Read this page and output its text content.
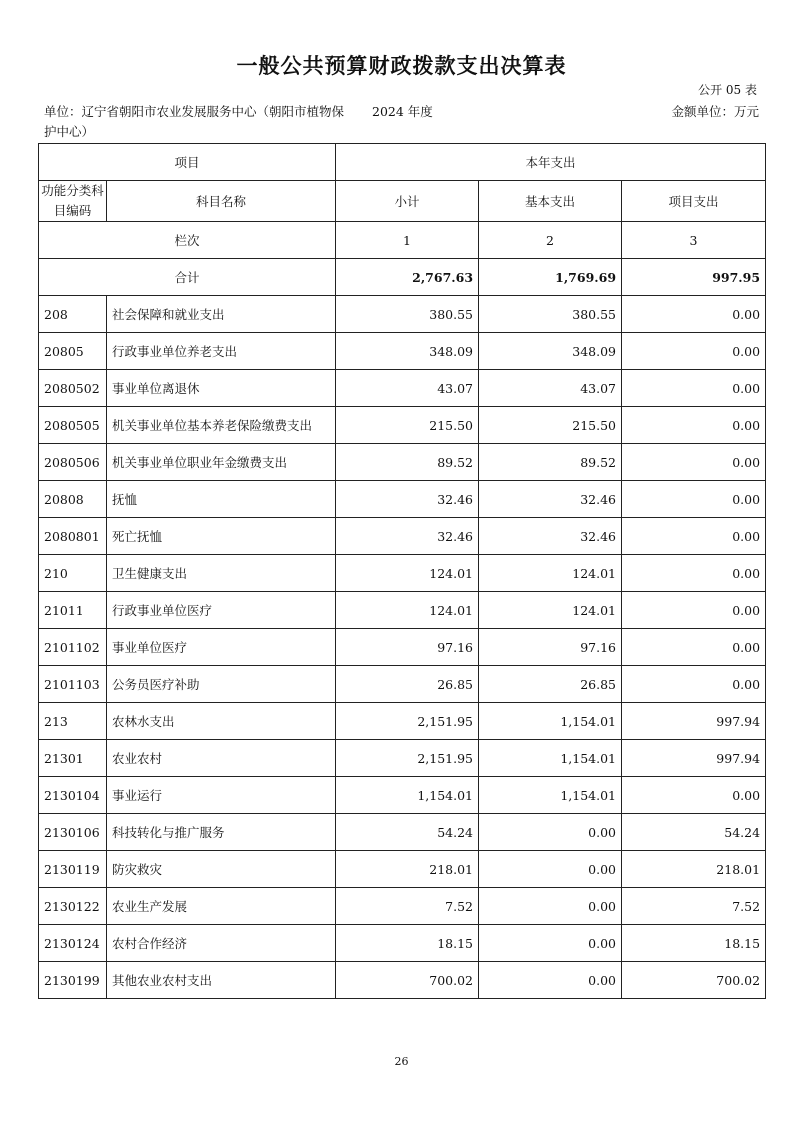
一般公共预算财政拨款支出决算表
公开 05 表
单位：辽宁省朝阳市农业发展服务中心（朝阳市植物保护中心）
2024 年度	金额单位：万元
项目		本年支出		
功能分类科目编码	科目名称	小计	基本支出	项目支出
栏次		1	2	3
合计		2,767.63	1,769.69	997.95
208	社会保障和就业支出	380.55	380.55	0.00
20805	行政事业单位养老支出	348.09	348.09	0.00
2080502	事业单位离退休	43.07	43.07	0.00
2080505	机关事业单位基本养老保险缴费支出	215.50	215.50	0.00
2080506	机关事业单位职业年金缴费支出	89.52	89.52	0.00
20808	抚恤	32.46	32.46	0.00
2080801	死亡抚恤	32.46	32.46	0.00
210	卫生健康支出	124.01	124.01	0.00
21011	行政事业单位医疗	124.01	124.01	0.00
2101102	事业单位医疗	97.16	97.16	0.00
2101103	公务员医疗补助	26.85	26.85	0.00
213	农林水支出	2,151.95	1,154.01	997.94
21301	农业农村	2,151.95	1,154.01	997.94
2130104	事业运行	1,154.01	1,154.01	0.00
2130106	科技转化与推广服务	54.24	0.00	54.24
2130119	防灾救灾	218.01	0.00	218.01
2130122	农业生产发展	7.52	0.00	7.52
2130124	农村合作经济	18.15	0.00	18.15
2130199	其他农业农村支出	700.02	0.00	700.02
26
